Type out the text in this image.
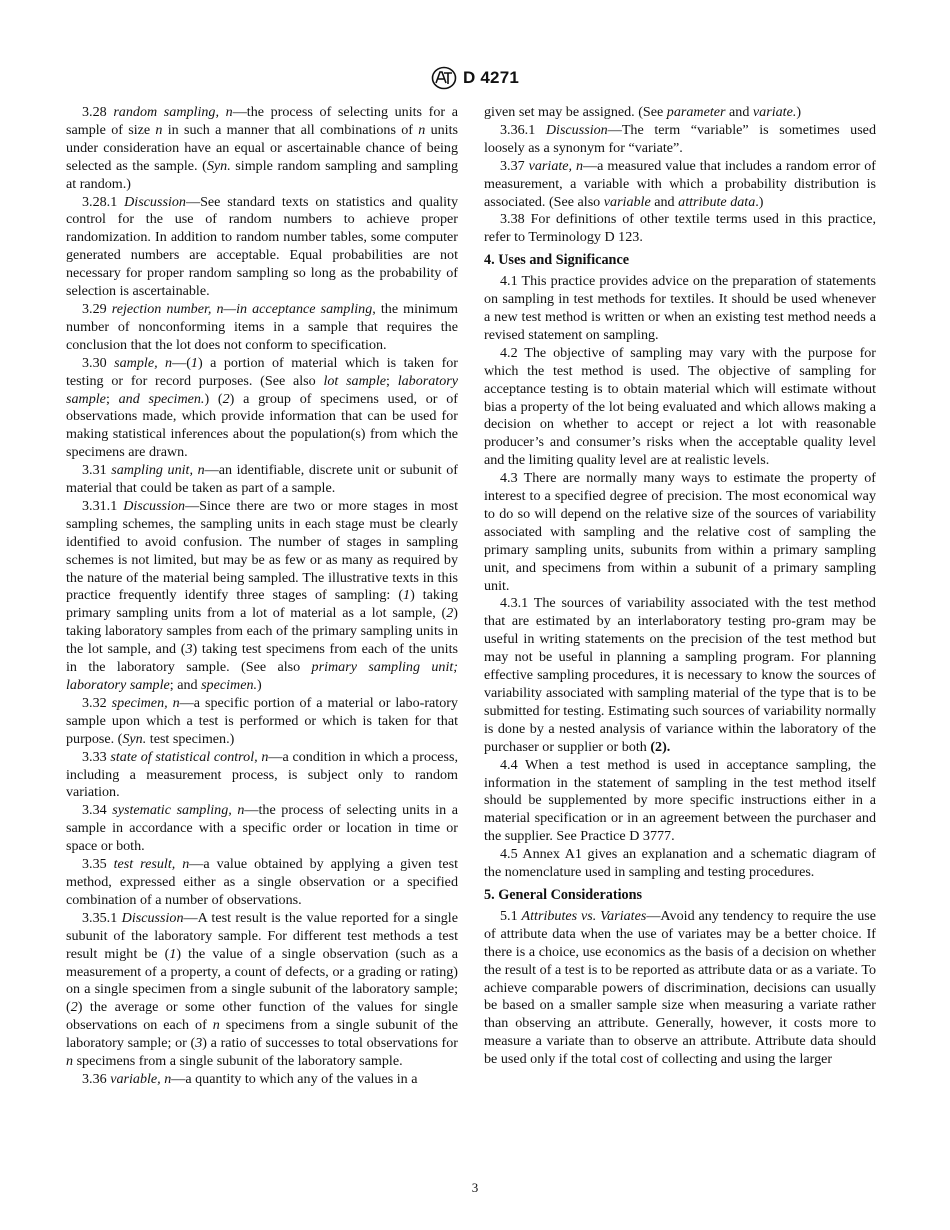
D 4271

3.28 random sampling, n—the process of selecting units for a sample of size n in such a manner that all combinations of n units under consideration have an equal or ascertainable chance of being selected as the sample. (Syn. simple random sampling and sampling at random.)

3.28.1 Discussion—See standard texts on statistics and quality control for the use of random numbers to achieve proper randomization. In addition to random number tables, some computer generated numbers are acceptable. Equal probabilities are not necessary for proper random sampling so long as the probability of selection is ascertainable.

3.29 rejection number, n—in acceptance sampling, the minimum number of nonconforming items in a sample that requires the conclusion that the lot does not conform to specification.

3.30 sample, n—(1) a portion of material which is taken for testing or for record purposes. (See also lot sample; laboratory sample; and specimen.) (2) a group of specimens used, or of observations made, which provide information that can be used for making statistical inferences about the population(s) from which the specimens are drawn.

3.31 sampling unit, n—an identifiable, discrete unit or subunit of material that could be taken as part of a sample.

3.31.1 Discussion—Since there are two or more stages in most sampling schemes, the sampling units in each stage must be clearly identified to avoid confusion. The number of stages in sampling schemes is not limited, but may be as few or as many as required by the nature of the material being sampled. The illustrative texts in this practice frequently identify three stages of sampling: (1) taking primary sampling units from a lot of material as a lot sample, (2) taking laboratory samples from each of the primary sampling units in the lot sample, and (3) taking test specimens from each of the units in the laboratory sample. (See also primary sampling unit; laboratory sample; and specimen.)

3.32 specimen, n—a specific portion of a material or labo-ratory sample upon which a test is performed or which is taken for that purpose. (Syn. test specimen.)

3.33 state of statistical control, n—a condition in which a process, including a measurement process, is subject only to random variation.

3.34 systematic sampling, n—the process of selecting units in a sample in accordance with a specific order or location in time or space or both.

3.35 test result, n—a value obtained by applying a given test method, expressed either as a single observation or a specified combination of a number of observations.

3.35.1 Discussion—A test result is the value reported for a single subunit of the laboratory sample. For different test methods a test result might be (1) the value of a single observation (such as a measurement of a property, a count of defects, or a grading or rating) on a single specimen from a single subunit of the laboratory sample; (2) the average or some other function of the values for single observations on each of n specimens from a single subunit of the laboratory sample; or (3) a ratio of successes to total observations for n specimens from a single subunit of the laboratory sample.

3.36 variable, n—a quantity to which any of the values in a

given set may be assigned. (See parameter and variate.)

3.36.1 Discussion—The term “variable” is sometimes used loosely as a synonym for “variate”.

3.37 variate, n—a measured value that includes a random error of measurement, a variable with which a probability distribution is associated. (See also variable and attribute data.)

3.38 For definitions of other textile terms used in this practice, refer to Terminology D 123.

4. Uses and Significance

4.1 This practice provides advice on the preparation of statements on sampling in test methods for textiles. It should be used whenever a new test method is written or when an existing test method needs a revised statement on sampling.

4.2 The objective of sampling may vary with the purpose for which the test method is used. The objective of sampling for acceptance testing is to obtain material which will estimate without bias a property of the lot being evaluated and which allows making a decision on whether to accept or reject a lot with reasonable producer’s and consumer’s risks when the acceptable quality level and the limiting quality level are at realistic levels.

4.3 There are normally many ways to estimate the property of interest to a specified degree of precision. The most economical way to do so will depend on the relative size of the sources of variability associated with sampling and the relative cost of sampling the primary sampling units, subunits from within a primary sampling unit, and specimens from within a subunit of a primary sampling unit.

4.3.1 The sources of variability associated with the test method that are estimated by an interlaboratory testing pro-gram may be useful in writing statements on the precision of the test method but may not be useful in planning a sampling program. For planning effective sampling procedures, it is necessary to know the sources of variability associated with sampling material of the type that is to be submitted for testing. Estimating such sources of variability normally is done by a nested analysis of variance within the laboratory of the purchaser or supplier or both (2).

4.4 When a test method is used in acceptance sampling, the information in the statement of sampling in the test method itself should be supplemented by more specific instructions either in a material specification or in an agreement between the purchaser and the supplier. See Practice D 3777.

4.5 Annex A1 gives an explanation and a schematic diagram of the nomenclature used in sampling and testing procedures.

5. General Considerations

5.1 Attributes vs. Variates—Avoid any tendency to require the use of attribute data when the use of variates may be a better choice. If there is a choice, use economics as the basis of a decision on whether the result of a test is to be reported as attribute data or as a variate. To achieve comparable powers of discrimination, decisions can usually be based on a smaller sample size when measuring a variate rather than observing an attribute. Generally, however, it costs more to measure a variate than to observe an attribute. Attribute data should be used only if the total cost of collecting and using the larger

3
